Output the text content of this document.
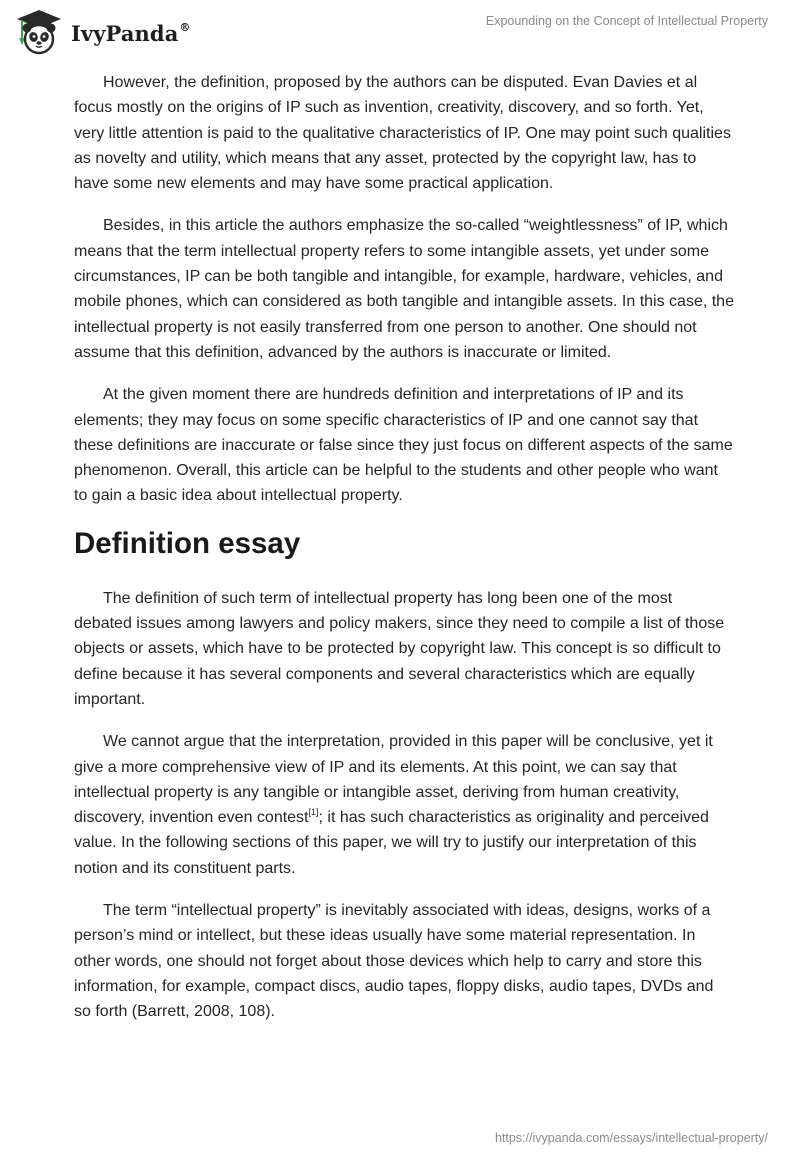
IvyPanda®	Expounding on the Concept of Intellectual Property

However, the definition, proposed by the authors can be disputed. Evan Davies et al focus mostly on the origins of IP such as invention, creativity, discovery, and so forth. Yet, very little attention is paid to the qualitative characteristics of IP. One may point such qualities as novelty and utility, which means that any asset, protected by the copyright law, has to have some new elements and may have some practical application.

Besides, in this article the authors emphasize the so-called “weightlessness” of IP, which means that the term intellectual property refers to some intangible assets, yet under some circumstances, IP can be both tangible and intangible, for example, hardware, vehicles, and mobile phones, which can considered as both tangible and intangible assets. In this case, the intellectual property is not easily transferred from one person to another. One should not assume that this definition, advanced by the authors is inaccurate or limited.

At the given moment there are hundreds definition and interpretations of IP and its elements; they may focus on some specific characteristics of IP and one cannot say that these definitions are inaccurate or false since they just focus on different aspects of the same phenomenon. Overall, this article can be helpful to the students and other people who want to gain a basic idea about intellectual property.

Definition essay

The definition of such term of intellectual property has long been one of the most debated issues among lawyers and policy makers, since they need to compile a list of those objects or assets, which have to be protected by copyright law. This concept is so difficult to define because it has several components and several characteristics which are equally important.

We cannot argue that the interpretation, provided in this paper will be conclusive, yet it give a more comprehensive view of IP and its elements. At this point, we can say that intellectual property is any tangible or intangible asset, deriving from human creativity, discovery, invention even contest[1]; it has such characteristics as originality and perceived value. In the following sections of this paper, we will try to justify our interpretation of this notion and its constituent parts.

The term “intellectual property” is inevitably associated with ideas, designs, works of a person’s mind or intellect, but these ideas usually have some material representation. In other words, one should not forget about those devices which help to carry and store this information, for example, compact discs, audio tapes, floppy disks, audio tapes, DVDs and so forth (Barrett, 2008, 108).

https://ivypanda.com/essays/intellectual-property/
